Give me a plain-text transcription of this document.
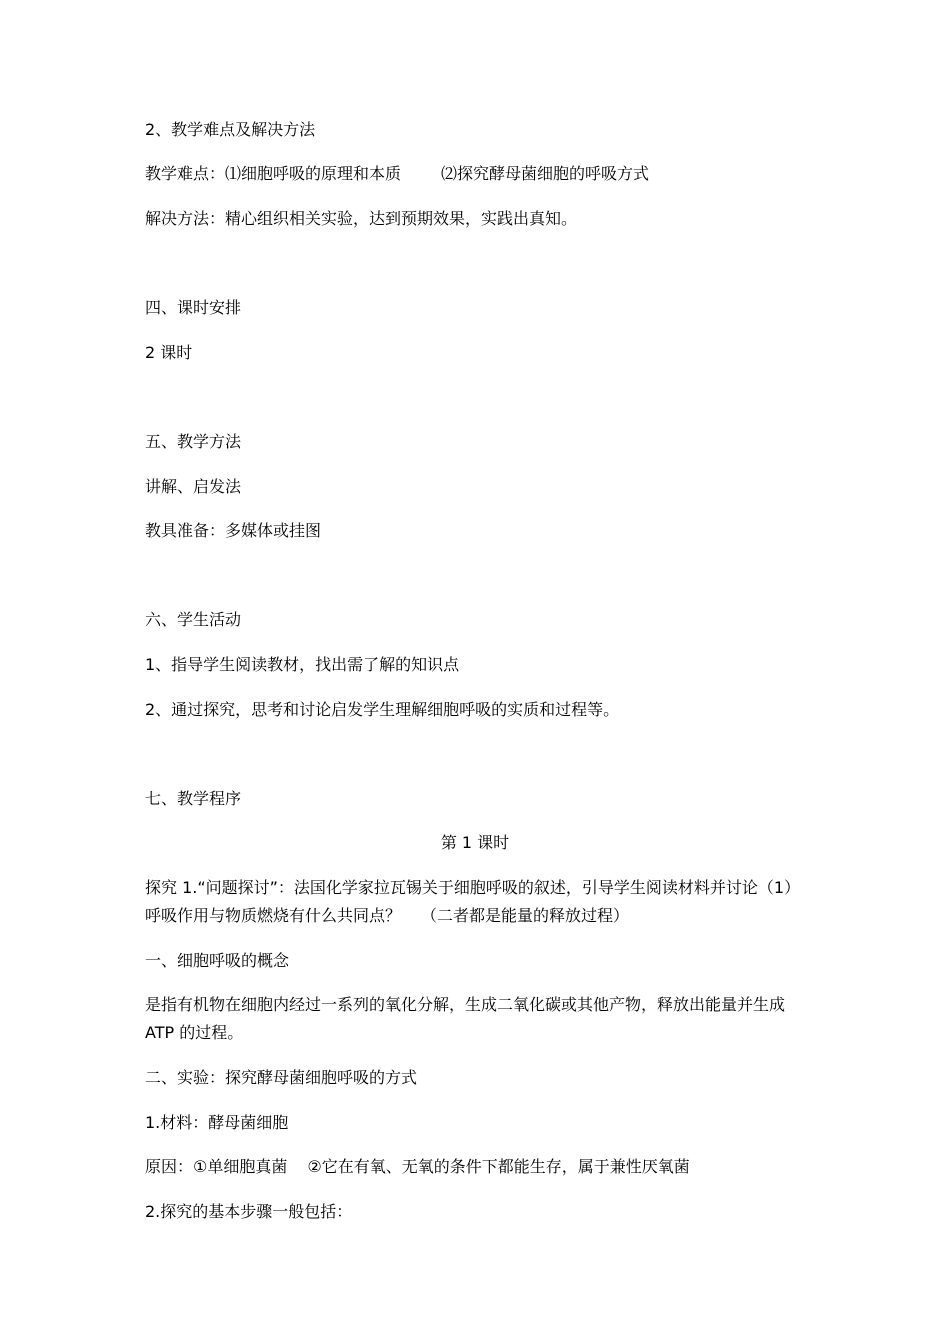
2、教学难点及解决方法

教学难点：⑴细胞呼吸的原理和本质	⑵探究酵母菌细胞的呼吸方式

解决方法：精心组织相关实验，达到预期效果，实践出真知。

四、课时安排

2 课时

五、教学方法

讲解、启发法

教具准备：多媒体或挂图

六、学生活动

1、指导学生阅读教材，找出需了解的知识点

2、通过探究，思考和讨论启发学生理解细胞呼吸的实质和过程等。

七、教学程序

第 1 课时

探究 1.“问题探讨”：法国化学家拉瓦锡关于细胞呼吸的叙述，引导学生阅读材料并讨论（1）

呼吸作用与物质燃烧有什么共同点？ （二者都是能量的释放过程）

一、细胞呼吸的概念

是指有机物在细胞内经过一系列的氧化分解，生成二氧化碳或其他产物，释放出能量并生成

ATP 的过程。

二、实验：探究酵母菌细胞呼吸的方式

1.材料：酵母菌细胞

原因：①单细胞真菌 ②它在有氧、无氧的条件下都能生存，属于兼性厌氧菌

2.探究的基本步骤一般包括：
